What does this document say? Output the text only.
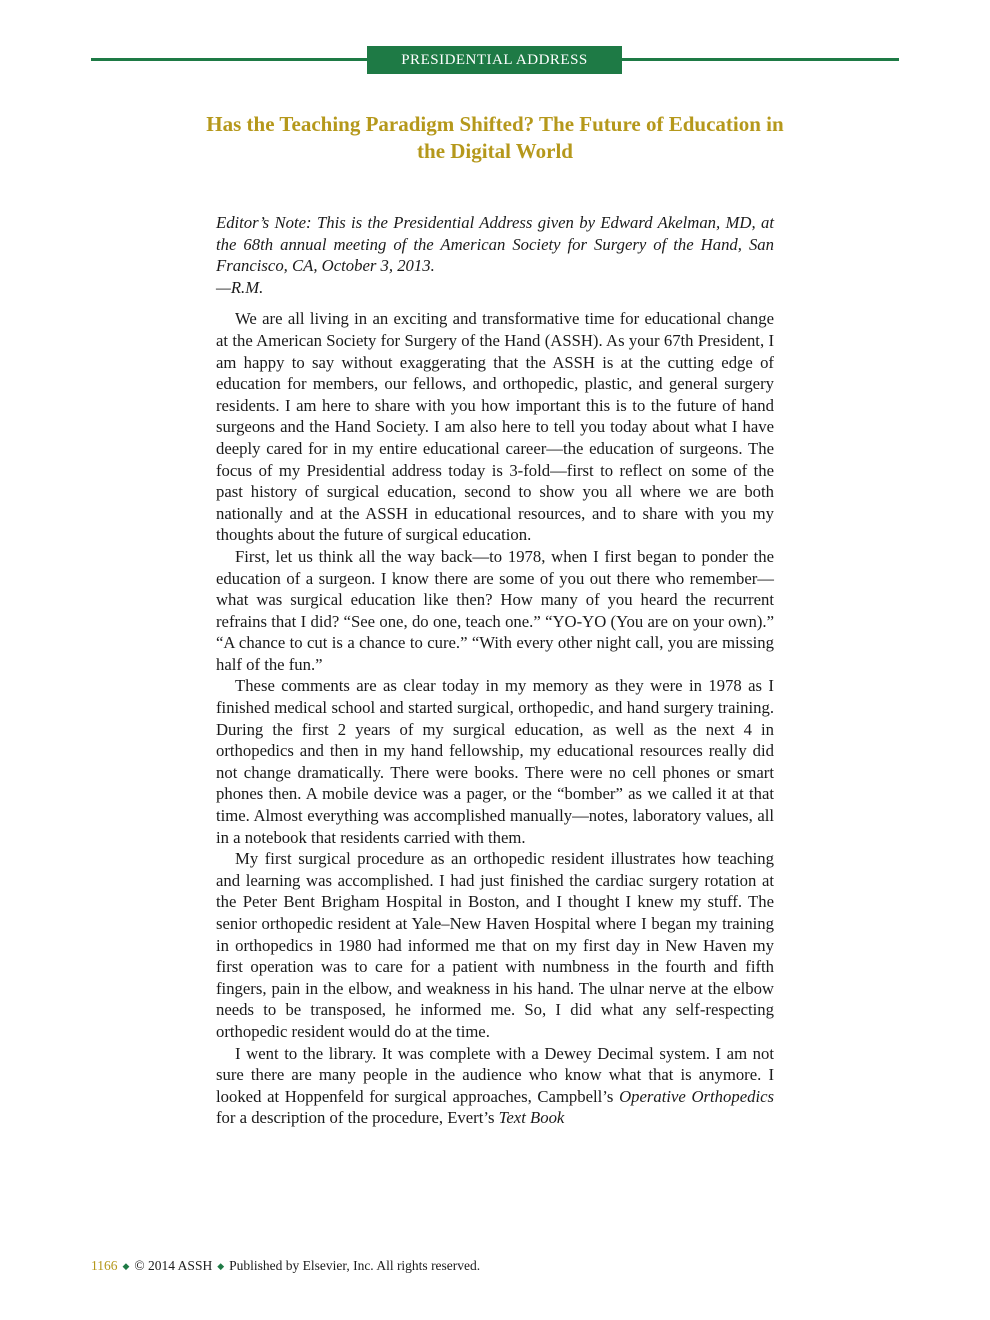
PRESIDENTIAL ADDRESS
Has the Teaching Paradigm Shifted? The Future of Education in the Digital World

Editor’s Note: This is the Presidential Address given by Edward Akelman, MD, at the 68th annual meeting of the American Society for Surgery of the Hand, San Francisco, CA, October 3, 2013.

—R.M.

We are all living in an exciting and transformative time for educational change at the American Society for Surgery of the Hand (ASSH). As your 67th President, I am happy to say without exaggerating that the ASSH is at the cutting edge of education for members, our fellows, and orthopedic, plastic, and general surgery residents. I am here to share with you how important this is to the future of hand surgeons and the Hand Society. I am also here to tell you today about what I have deeply cared for in my entire educational career—the education of surgeons. The focus of my Presidential address today is 3-fold—first to reflect on some of the past history of surgical education, second to show you all where we are both nationally and at the ASSH in educational resources, and to share with you my thoughts about the future of surgical education.

First, let us think all the way back—to 1978, when I first began to ponder the education of a surgeon. I know there are some of you out there who remember—what was surgical education like then? How many of you heard the recurrent refrains that I did? “See one, do one, teach one.” “YO-YO (You are on your own).” “A chance to cut is a chance to cure.” “With every other night call, you are missing half of the fun.”

These comments are as clear today in my memory as they were in 1978 as I finished medical school and started surgical, orthopedic, and hand surgery training. During the first 2 years of my surgical education, as well as the next 4 in orthopedics and then in my hand fellowship, my educational resources really did not change dramatically. There were books. There were no cell phones or smart phones then. A mobile device was a pager, or the “bomber” as we called it at that time. Almost everything was accomplished manually—notes, laboratory values, all in a notebook that residents carried with them.

My first surgical procedure as an orthopedic resident illustrates how teaching and learning was accomplished. I had just finished the cardiac surgery rotation at the Peter Bent Brigham Hospital in Boston, and I thought I knew my stuff. The senior orthopedic resident at Yale–New Haven Hospital where I began my training in orthopedics in 1980 had informed me that on my first day in New Haven my first operation was to care for a patient with numbness in the fourth and fifth fingers, pain in the elbow, and weakness in his hand. The ulnar nerve at the elbow needs to be transposed, he informed me. So, I did what any self-respecting orthopedic resident would do at the time.

I went to the library. It was complete with a Dewey Decimal system. I am not sure there are many people in the audience who know what that is anymore. I looked at Hoppenfeld for surgical approaches, Campbell’s Operative Orthopedics for a description of the procedure, Evert’s Text Book

1166 ◆ © 2014 ASSH ◆ Published by Elsevier, Inc. All rights reserved.
